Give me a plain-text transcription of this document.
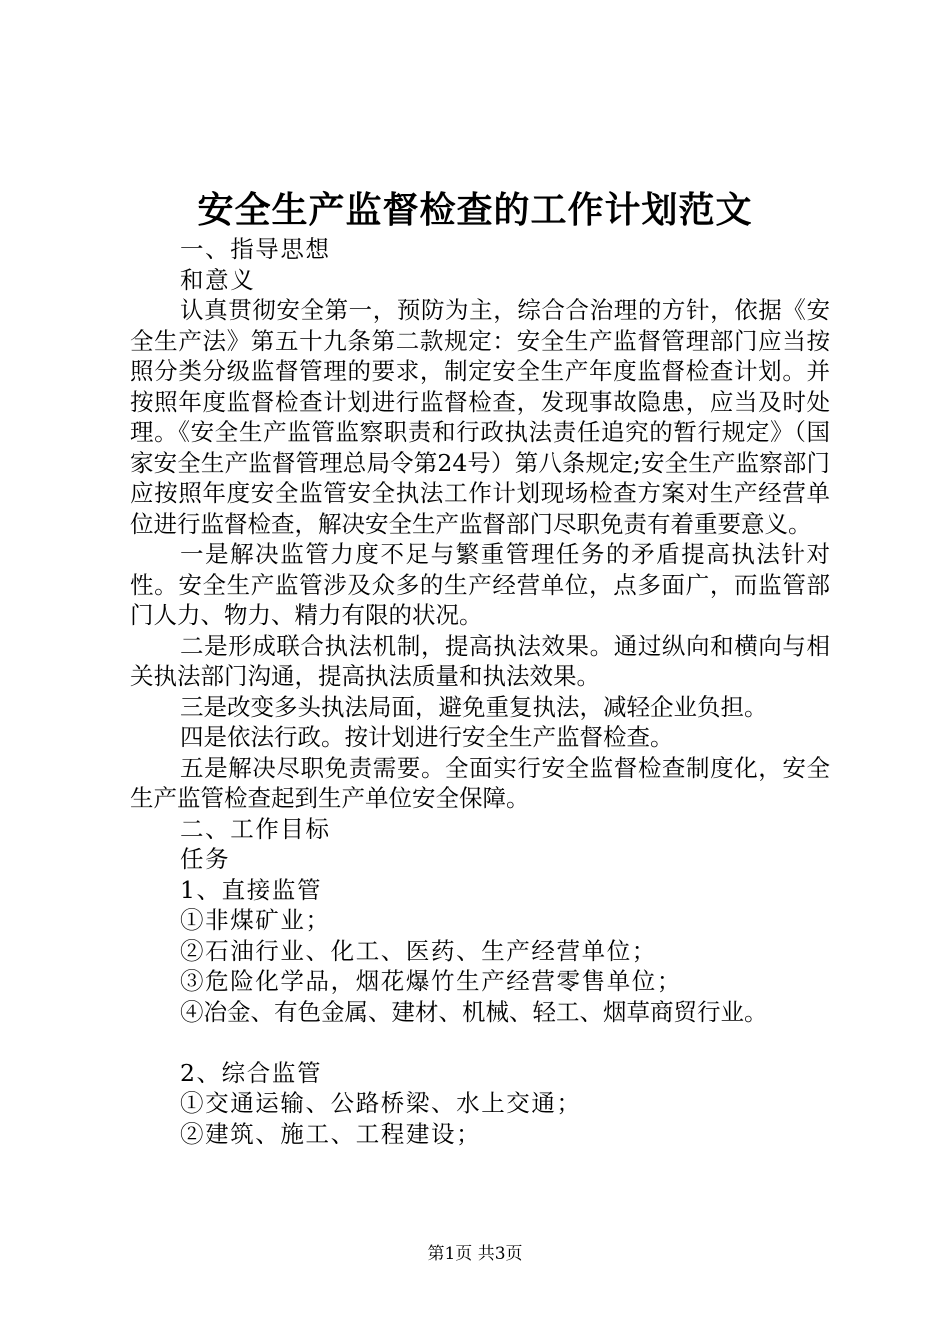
安全生产监督检查的工作计划范文

一、指导思想

和意义

认真贯彻安全第一，预防为主，综合合治理的方针，依据《安全生产法》第五十九条第二款规定：安全生产监督管理部门应当按照分类分级监督管理的要求，制定安全生产年度监督检查计划。并按照年度监督检查计划进行监督检查，发现事故隐患，应当及时处理。《安全生产监管监察职责和行政执法责任追究的暂行规定》（国家安全生产监督管理总局令第24号）第八条规定;安全生产监察部门应按照年度安全监管安全执法工作计划现场检查方案对生产经营单位进行监督检查，解决安全生产监督部门尽职免责有着重要意义。

一是解决监管力度不足与繁重管理任务的矛盾提高执法针对性。安全生产监管涉及众多的生产经营单位，点多面广，而监管部门人力、物力、精力有限的状况。

二是形成联合执法机制，提高执法效果。通过纵向和横向与相关执法部门沟通，提高执法质量和执法效果。

三是改变多头执法局面，避免重复执法，减轻企业负担。

四是依法行政。按计划进行安全生产监督检查。

五是解决尽职免责需要。全面实行安全监督检查制度化，安全生产监管检查起到生产单位安全保障。

二、工作目标

任务

1、直接监管

①非煤矿业；

②石油行业、化工、医药、生产经营单位；

③危险化学品，烟花爆竹生产经营零售单位；

④冶金、有色金属、建材、机械、轻工、烟草商贸行业。

2、综合监管

①交通运输、公路桥梁、水上交通；

②建筑、施工、工程建设；

第1页 共3页
